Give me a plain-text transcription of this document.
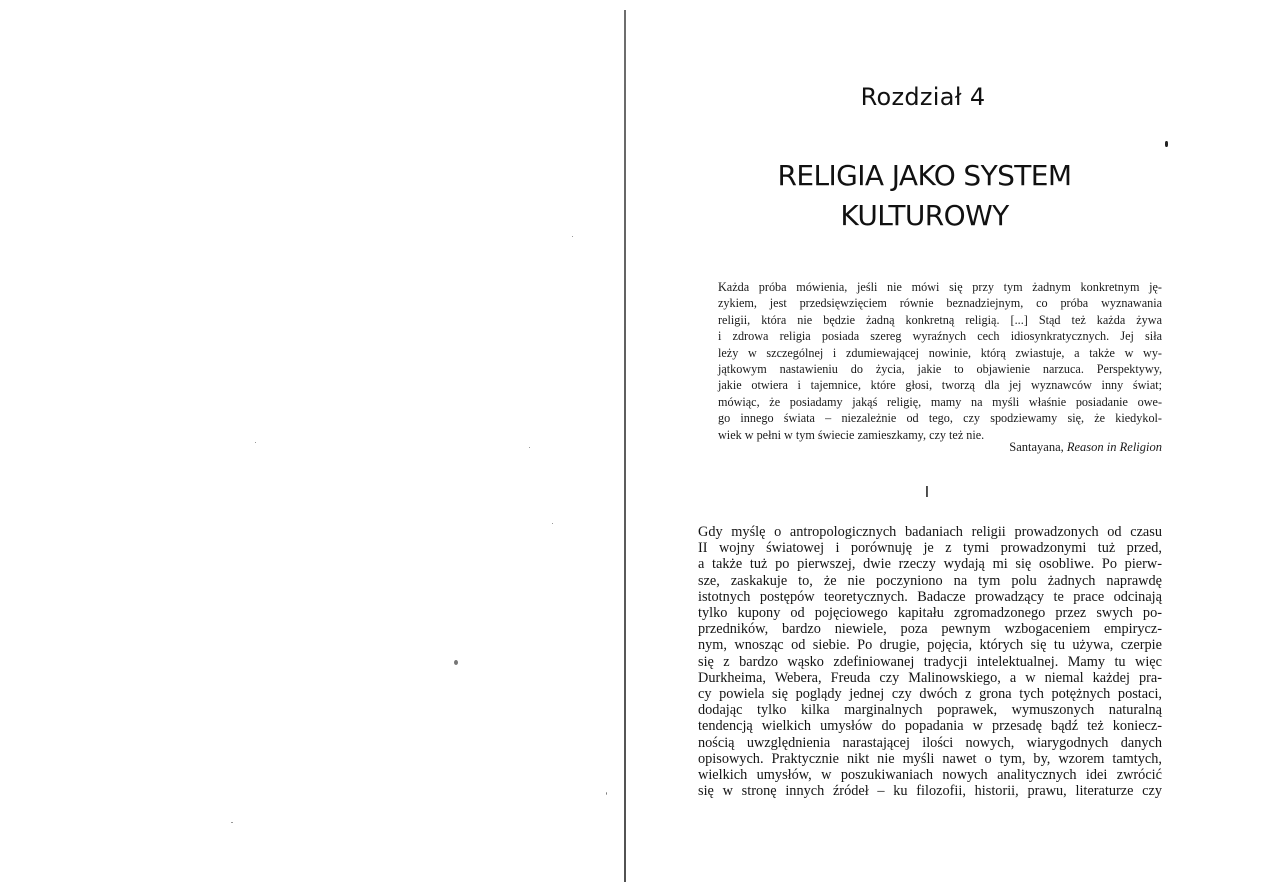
Rozdział 4
RELIGIA JAKO SYSTEM
KULTUROWY
Każda próba mówienia, jeśli nie mówi się przy tym żadnym konkretnym ję-
zykiem, jest przedsięwzięciem równie beznadziejnym, co próba wyznawania
religii, która nie będzie żadną konkretną religią. [...] Stąd też każda żywa
i zdrowa religia posiada szereg wyraźnych cech idiosynkratycznych. Jej siła
leży w szczególnej i zdumiewającej nowinie, którą zwiastuje, a także w wy-
jątkowym nastawieniu do życia, jakie to objawienie narzuca. Perspektywy,
jakie otwiera i tajemnice, które głosi, tworzą dla jej wyznawców inny świat;
mówiąc, że posiadamy jakąś religię, mamy na myśli właśnie posiadanie owe-
go innego świata – niezależnie od tego, czy spodziewamy się, że kiedykol-
wiek w pełni w tym świecie zamieszkamy, czy też nie.
Santayana, Reason in Religion
I
Gdy myślę o antropologicznych badaniach religii prowadzonych od czasu
II wojny światowej i porównuję je z tymi prowadzonymi tuż przed,
a także tuż po pierwszej, dwie rzeczy wydają mi się osobliwe. Po pierw-
sze, zaskakuje to, że nie poczyniono na tym polu żadnych naprawdę
istotnych postępów teoretycznych. Badacze prowadzący te prace odcinają
tylko kupony od pojęciowego kapitału zgromadzonego przez swych po-
przedników, bardzo niewiele, poza pewnym wzbogaceniem empirycz-
nym, wnosząc od siebie. Po drugie, pojęcia, których się tu używa, czerpie
się z bardzo wąsko zdefiniowanej tradycji intelektualnej. Mamy tu więc
Durkheima, Webera, Freuda czy Malinowskiego, a w niemal każdej pra-
cy powiela się poglądy jednej czy dwóch z grona tych potężnych postaci,
dodając tylko kilka marginalnych poprawek, wymuszonych naturalną
tendencją wielkich umysłów do popadania w przesadę bądź też koniecz-
nością uwzględnienia narastającej ilości nowych, wiarygodnych danych
opisowych. Praktycznie nikt nie myśli nawet o tym, by, wzorem tamtych,
wielkich umysłów, w poszukiwaniach nowych analitycznych idei zwrócić
się w stronę innych źródeł – ku filozofii, historii, prawu, literaturze czy
